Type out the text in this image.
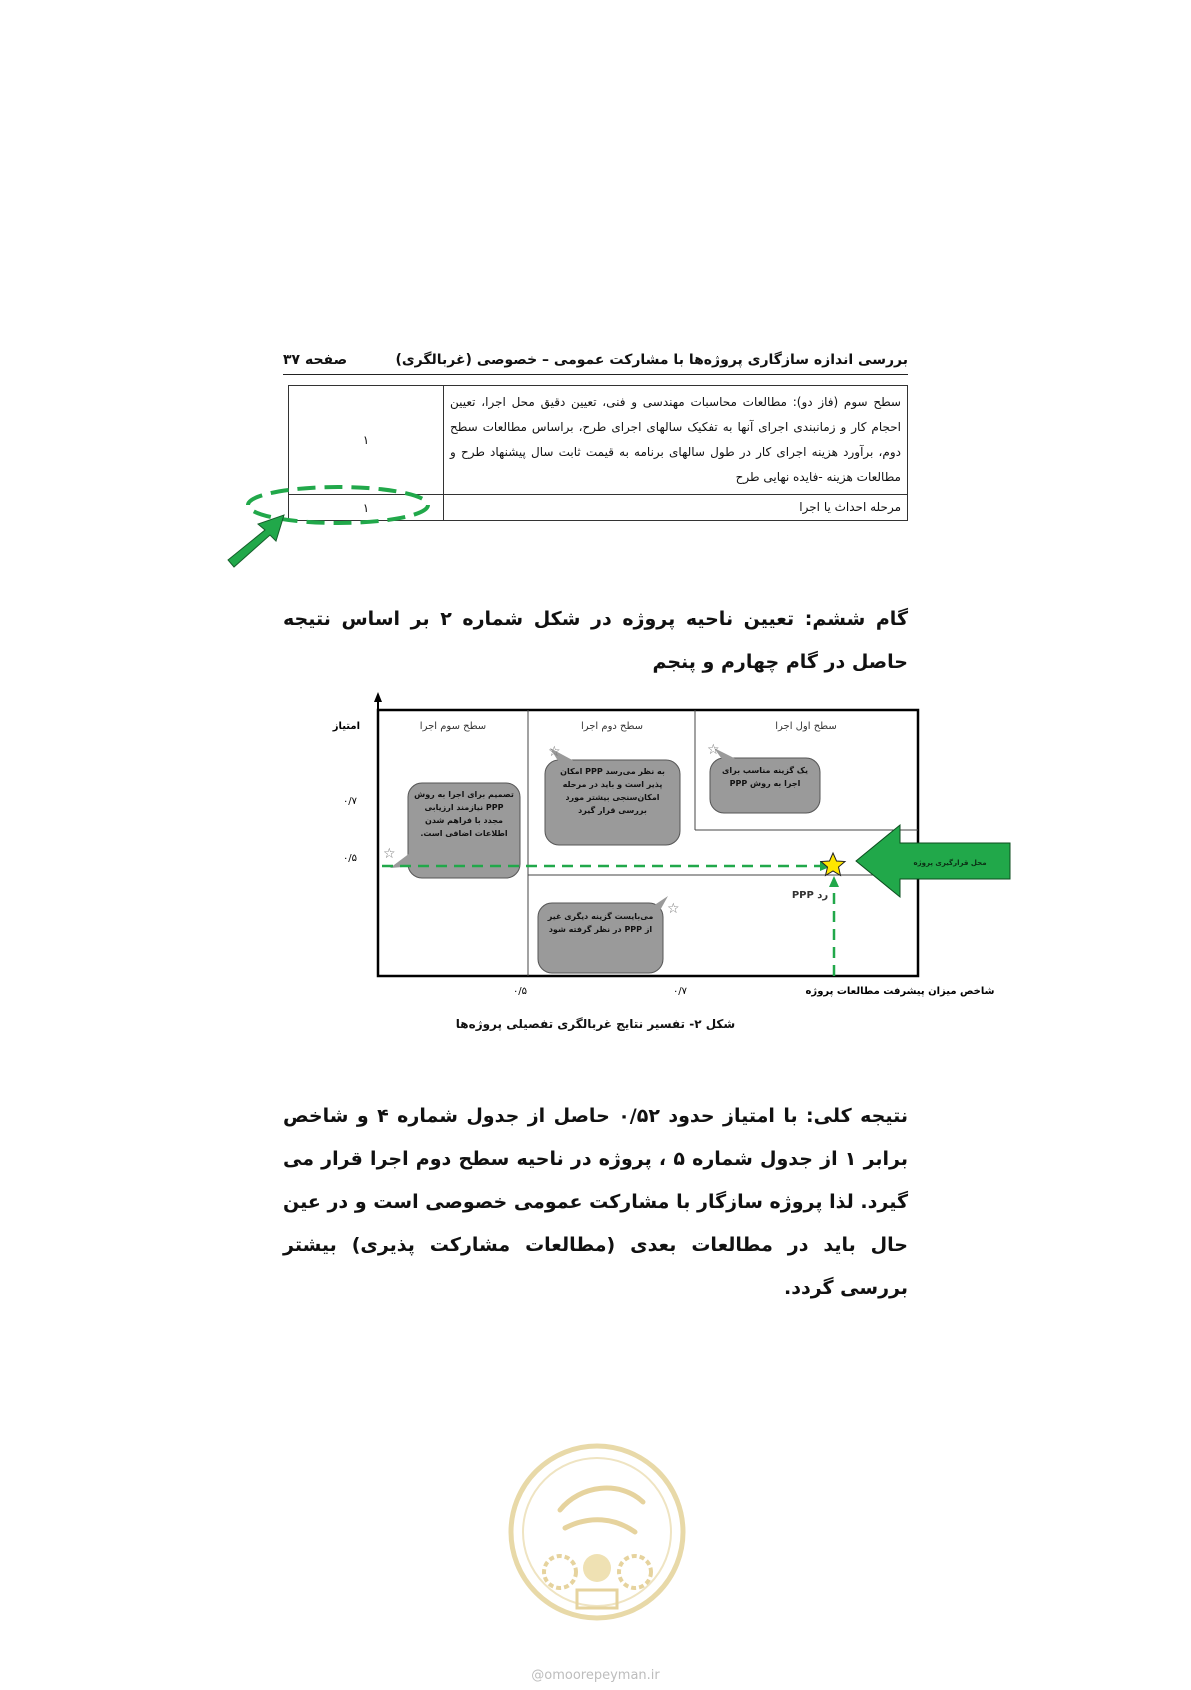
بررسی اندازه سازگاری پروژه‌ها با مشارکت عمومی – خصوصی (غربالگری)
صفحه ۳۷
سطح سوم (فاز دو): مطالعات محاسبات مهندسی و فنی، تعیین دقیق محل اجرا، تعیین احجام کار و زمانبندی اجرای آنها به تفکیک سالهای اجرای طرح، براساس مطالعات سطح دوم، برآورد هزینه اجرای کار در طول سالهای برنامه به قیمت ثابت سال پیشنهاد طرح و مطالعات هزینه -فایده نهایی طرح	۱
مرحله احداث یا اجرا	۱
گام ششم: تعیین ناحیه پروژه در شکل شماره ۲ بر اساس نتیجه حاصل در گام چهارم و پنجم
امتیاز
۰/۷
۰/۵
۰/۵	۰/۷	شاخص میزان پیشرفت مطالعات پروژه
سطح سوم اجرا	سطح دوم اجرا	سطح اول اجرا
رد PPP
تصمیم برای اجرا به روش PPP نیازمند ارزیابی مجدد با فراهم شدن اطلاعات اضافی است.
به نظر می‌رسد PPP امکان پذیر است و باید در مرحله امکان‌سنجی بیشتر مورد بررسی قرار گیرد
یک گزینه مناسب برای اجرا به روش PPP
می‌بایست گزینه دیگری غیر از PPP در نظر گرفته شود
☆
☆	☆
☆
محل قرارگیری پروژه
شکل ۲- تفسیر نتایج غربالگری تفصیلی پروژه‌ها
نتیجه کلی: با امتیاز حدود ۰/۵۲ حاصل از جدول شماره ۴ و شاخص برابر ۱ از جدول شماره ۵ ، پروژه در ناحیه سطح دوم اجرا قرار می گیرد. لذا پروژه سازگار با مشارکت عمومی خصوصی است و در عین حال باید در مطالعات بعدی (مطالعات مشارکت پذیری) بیشتر بررسی گردد.
@omoorepeyman.ir
